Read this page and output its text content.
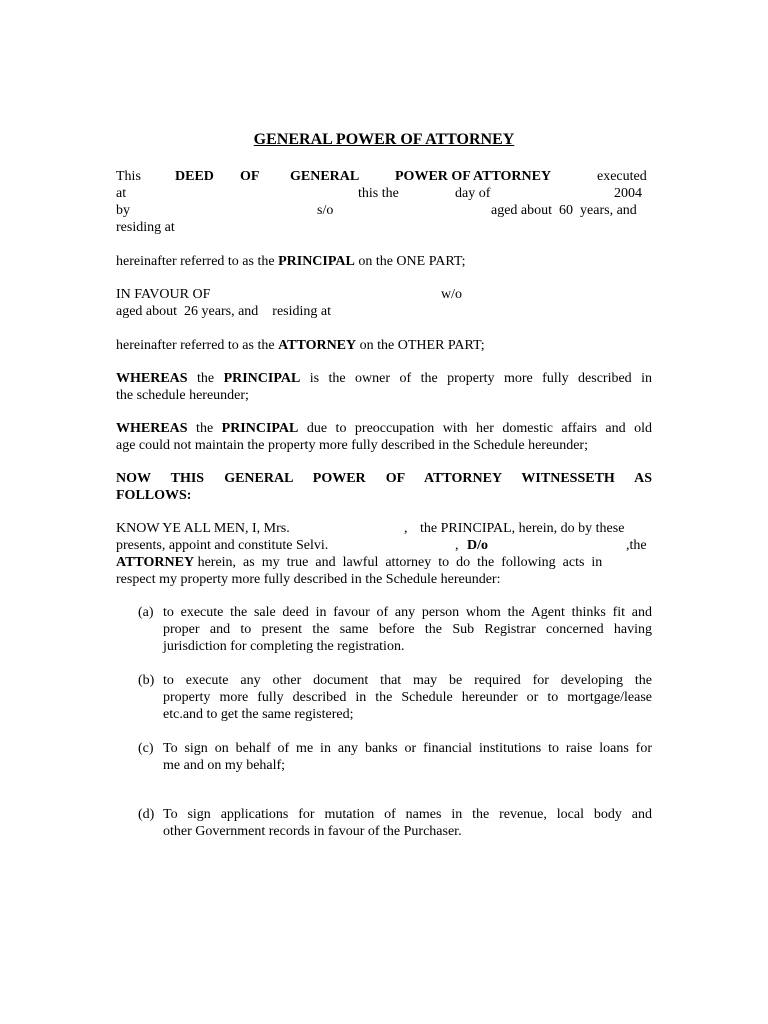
GENERAL POWER OF ATTORNEY
This DEED OF GENERAL	POWER OF ATTORNEY	executed
at	this the	day of	2004
by	s/o	aged about  60  years, and
residing at
hereinafter referred to as the PRINCIPAL on the ONE PART;
IN FAVOUR OF	w/o
aged about  26 years, and    residing at
hereinafter referred to as the ATTORNEY on the OTHER PART;
WHEREAS the PRINCIPAL is the owner of the property more fully described in
the schedule hereunder;
WHEREAS the PRINCIPAL due to preoccupation with her domestic affairs and old
age could not maintain the property more fully described in the Schedule hereunder;
NOW THIS GENERAL POWER OF ATTORNEY WITNESSETH AS
FOLLOWS:
KNOW YE ALL MEN, I, Mrs.	, the PRINCIPAL, herein, do by these
presents, appoint and constitute Selvi.	, D/o	,the
ATTORNEY herein,  as  my  true  and  lawful  attorney  to  do  the  following  acts  in
respect my property more fully described in the Schedule hereunder:
(a) to execute the sale deed in favour of any person whom the Agent thinks fit and
proper and to present the same before the Sub Registrar concerned having
jurisdiction for completing the registration.
(b) to execute any other document that may be required for developing the
property more fully described in the Schedule hereunder or to mortgage/lease
etc.and to get the same registered;
(c) To sign on behalf of me in any banks or financial institutions to raise loans for
me and on my behalf;
(d) To sign applications for mutation of names in the revenue, local body and
other Government records in favour of the Purchaser.
